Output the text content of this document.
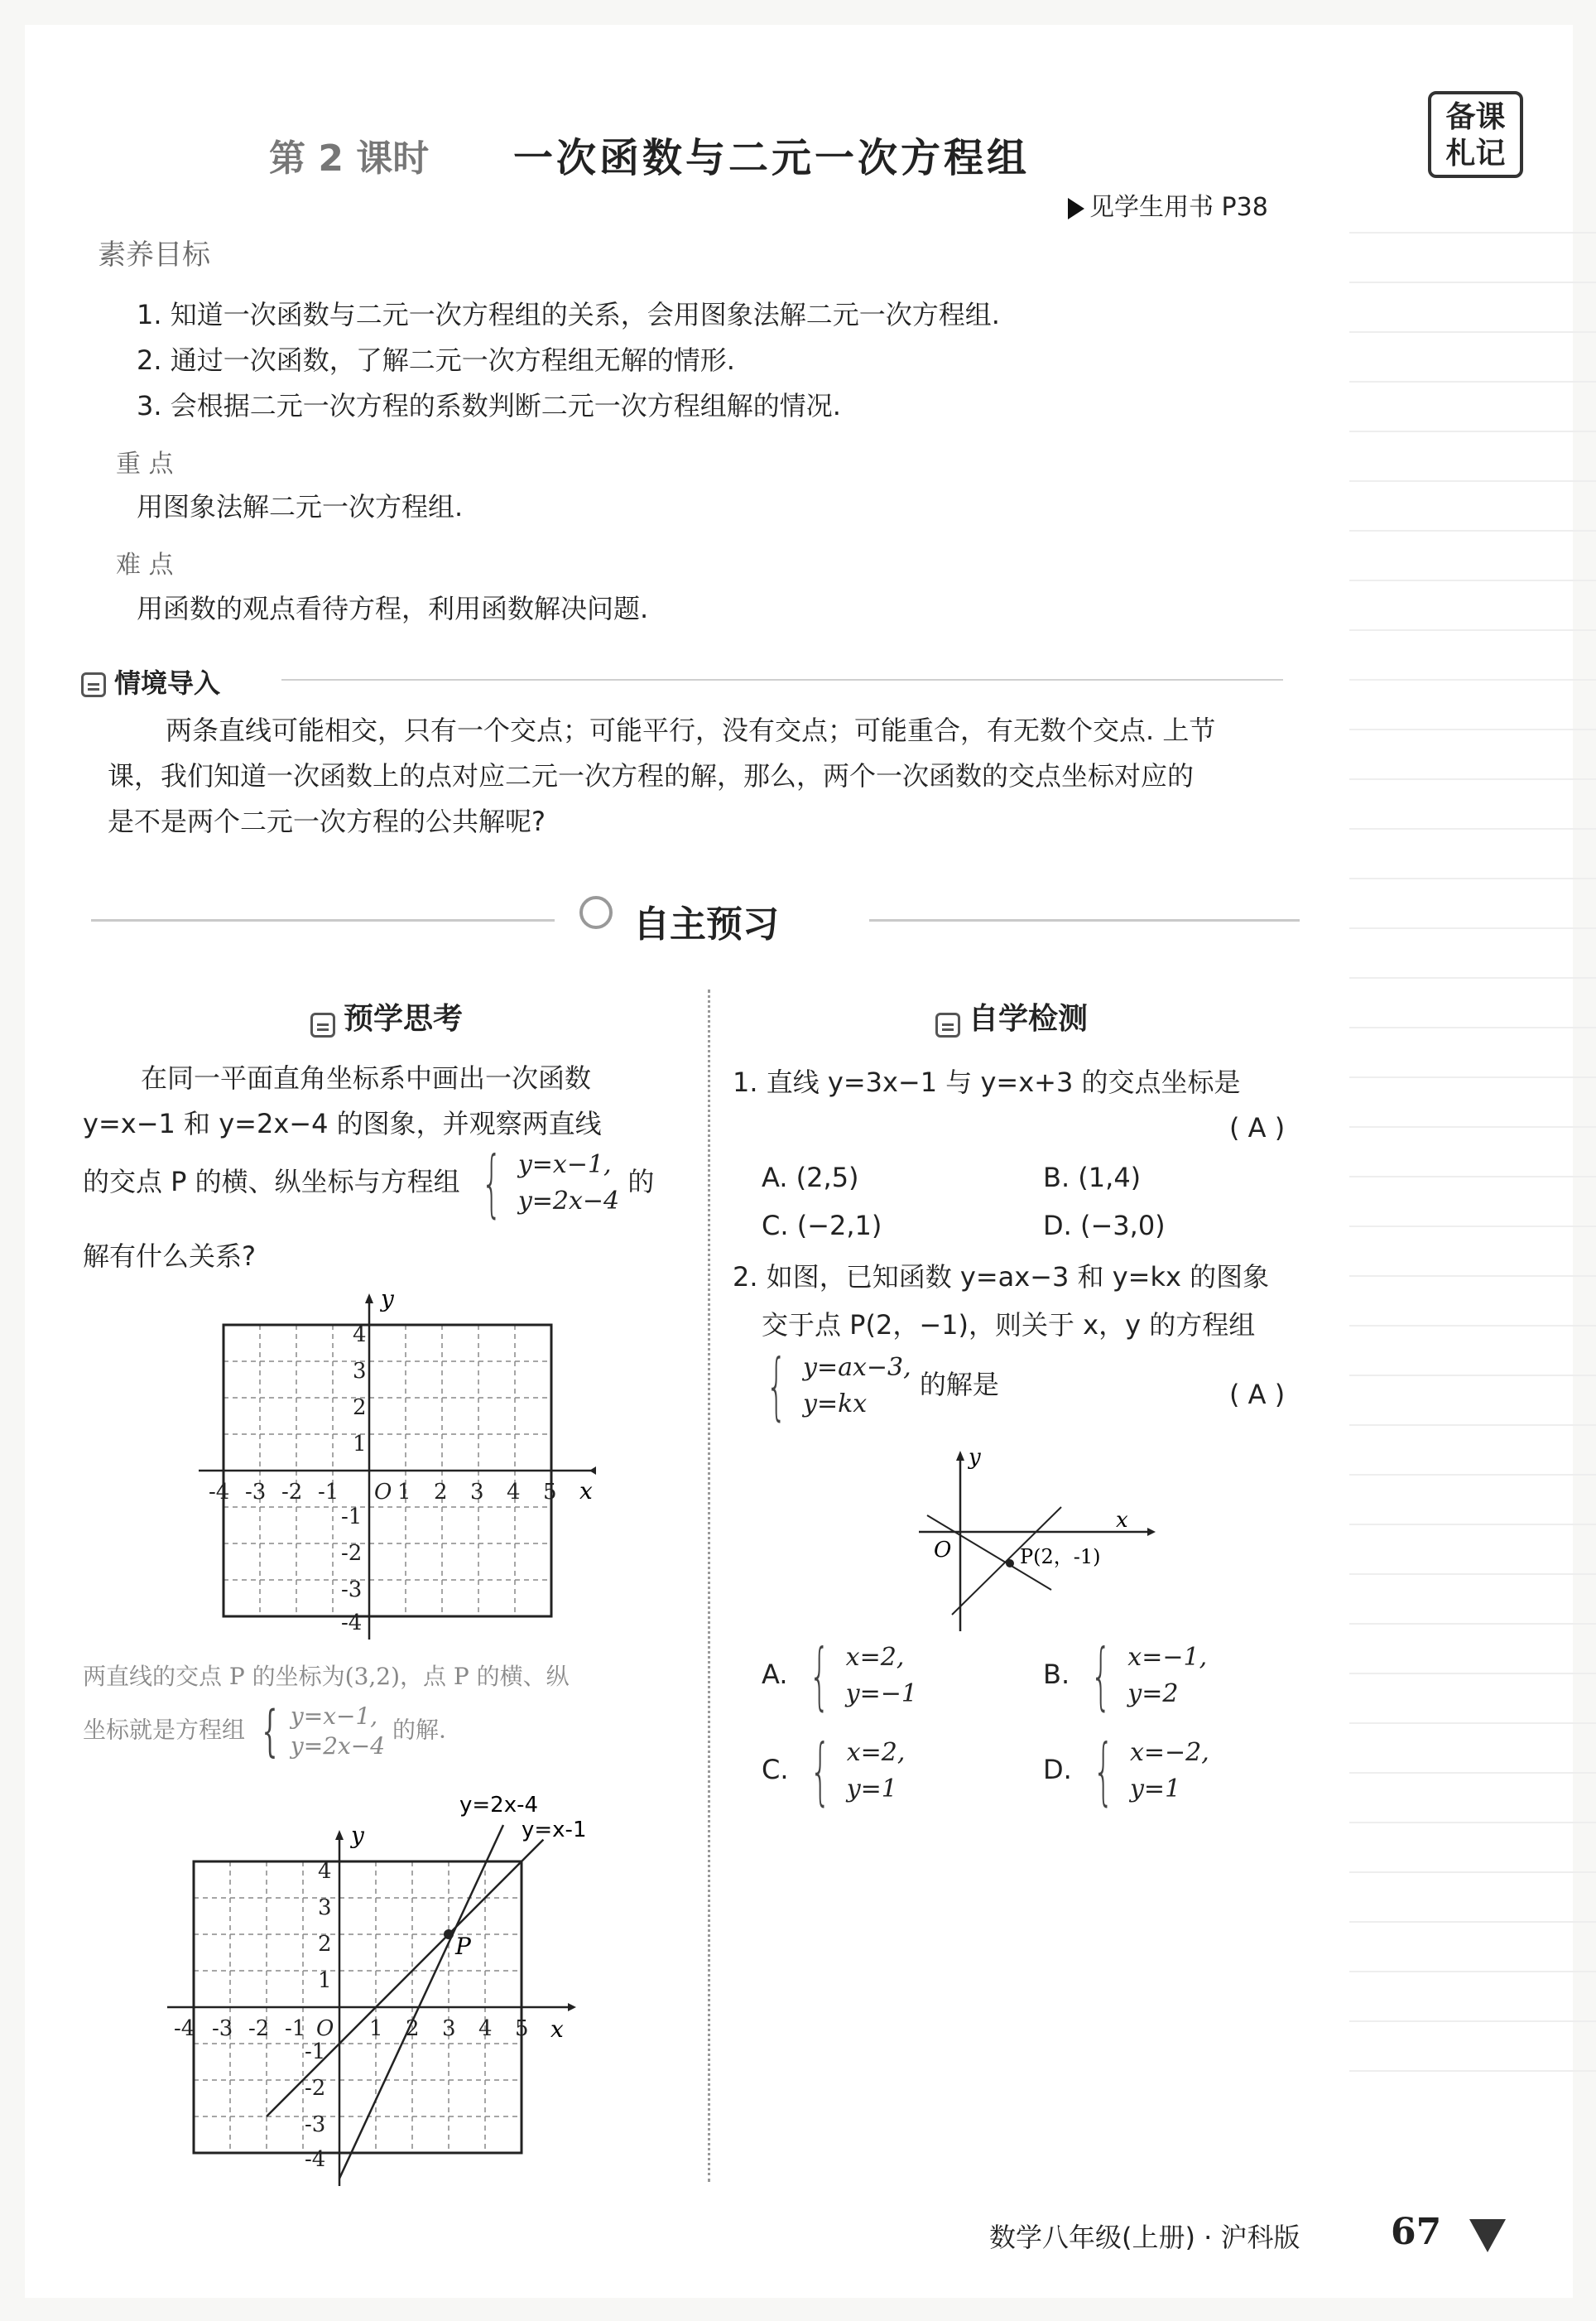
备课
札记
第 2 课时 一次函数与二元一次方程组
见学生用书 P38
素养目标
1. 知道一次函数与二元一次方程组的关系，会用图象法解二元一次方程组.
2. 通过一次函数，了解二元一次方程组无解的情形.
3. 会根据二元一次方程的系数判断二元一次方程组解的情况.
重 点
用图象法解二元一次方程组.
难 点
用函数的观点看待方程，利用函数解决问题.
情境导入
两条直线可能相交，只有一个交点；可能平行，没有交点；可能重合，有无数个交点. 上节
课，我们知道一次函数上的点对应二元一次方程的解，那么，两个一次函数的交点坐标对应的
是不是两个二元一次方程的公共解呢?
自主预习
预学思考	自学检测
在同一平面直角坐标系中画出一次函数
y=x−1 和 y=2x−4 的图象，并观察两直线
的交点 P 的横、纵坐标与方程组 { y=x−1,
y=2x−4
的
解有什么关系?
y
x
-4 -3 -2 -1 O 1 2 3 4 5
4
3
2
1
-1
-2
-3
-4
两直线的交点 P 的坐标为(3,2)，点 P 的横、纵
坐标就是方程组 { y=x−1,
y=2x−4
的解.
y
x
y=2x-4
y=x-1
P
-4 -3 -2 -1 O 1 2 3 4 5
4
3
2
1
-1
-2
-3
-4
1. 直线 y=3x−1 与 y=x+3 的交点坐标是
( A )
A. (2,5)	B. (1,4)
C. (−2,1)	D. (−3,0)
2. 如图，已知函数 y=ax−3 和 y=kx 的图象
交于点 P(2，−1)，则关于 x，y 的方程组
{ y=ax−3,
y=kx
的解是	( A )
y
x
O	P(2，-1)
A. { x=2,
y=−1
B. { x=−1,
y=2
C. { x=2,
y=1
D. { x=−2,
y=1
数学八年级(上册) · 沪科版 67
